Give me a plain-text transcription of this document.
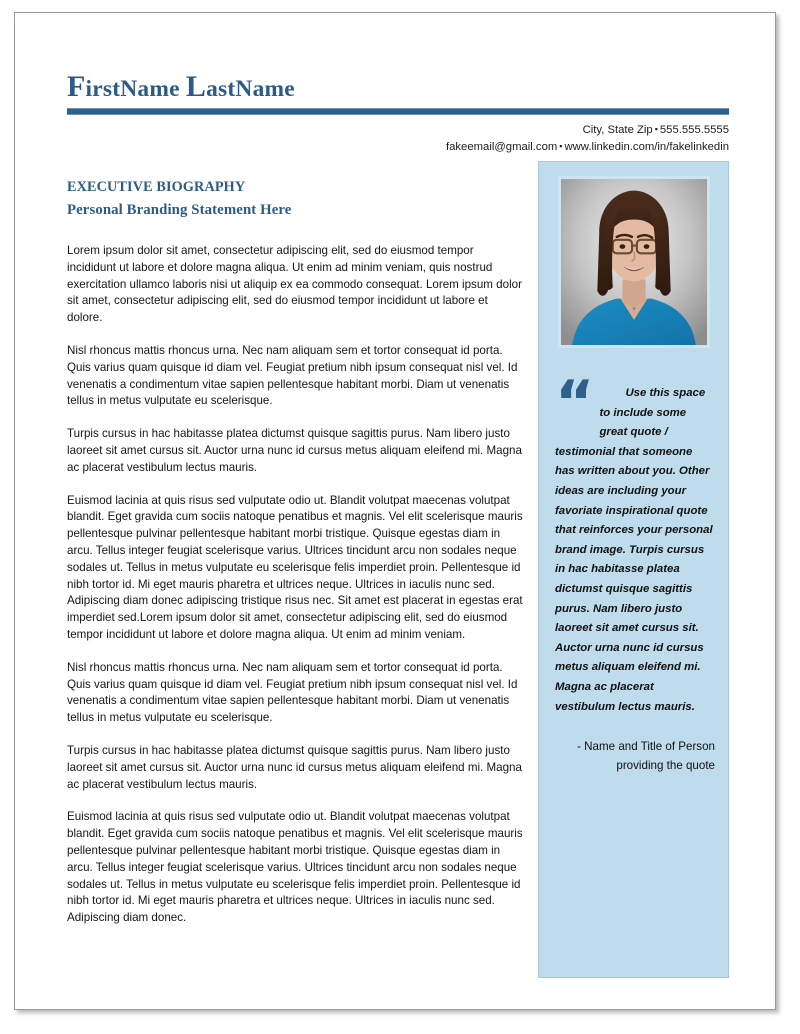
FirstName LastName
City, State Zip ▪ 555.555.5555
fakeemail@gmail.com ▪ www.linkedin.com/in/fakelinkedin
EXECUTIVE BIOGRAPHY
Personal Branding Statement Here

Lorem ipsum dolor sit amet, consectetur adipiscing elit, sed do eiusmod tempor incididunt ut labore et dolore magna aliqua. Ut enim ad minim veniam, quis nostrud exercitation ullamco laboris nisi ut aliquip ex ea commodo consequat. Lorem ipsum dolor sit amet, consectetur adipiscing elit, sed do eiusmod tempor incididunt ut labore et dolore.

Nisl rhoncus mattis rhoncus urna. Nec nam aliquam sem et tortor consequat id porta. Quis varius quam quisque id diam vel. Feugiat pretium nibh ipsum consequat nisl vel. Id venenatis a condimentum vitae sapien pellentesque habitant morbi. Diam ut venenatis tellus in metus vulputate eu scelerisque.

Turpis cursus in hac habitasse platea dictumst quisque sagittis purus. Nam libero justo laoreet sit amet cursus sit. Auctor urna nunc id cursus metus aliquam eleifend mi. Magna ac placerat vestibulum lectus mauris.

Euismod lacinia at quis risus sed vulputate odio ut. Blandit volutpat maecenas volutpat blandit. Eget gravida cum sociis natoque penatibus et magnis. Vel elit scelerisque mauris pellentesque pulvinar pellentesque habitant morbi tristique. Quisque egestas diam in arcu. Tellus integer feugiat scelerisque varius. Ultrices tincidunt arcu non sodales neque sodales ut. Tellus in metus vulputate eu scelerisque felis imperdiet proin. Pellentesque id nibh tortor id. Mi eget mauris pharetra et ultrices neque. Ultrices in iaculis nunc sed. Adipiscing diam donec adipiscing tristique risus nec. Sit amet est placerat in egestas erat imperdiet sed.Lorem ipsum dolor sit amet, consectetur adipiscing elit, sed do eiusmod tempor incididunt ut labore et dolore magna aliqua. Ut enim ad minim veniam.

Nisl rhoncus mattis rhoncus urna. Nec nam aliquam sem et tortor consequat id porta. Quis varius quam quisque id diam vel. Feugiat pretium nibh ipsum consequat nisl vel. Id venenatis a condimentum vitae sapien pellentesque habitant morbi. Diam ut venenatis tellus in metus vulputate eu scelerisque.

Turpis cursus in hac habitasse platea dictumst quisque sagittis purus. Nam libero justo laoreet sit amet cursus sit. Auctor urna nunc id cursus metus aliquam eleifend mi. Magna ac placerat vestibulum lectus mauris.

Euismod lacinia at quis risus sed vulputate odio ut. Blandit volutpat maecenas volutpat blandit. Eget gravida cum sociis natoque penatibus et magnis. Vel elit scelerisque mauris pellentesque pulvinar pellentesque habitant morbi tristique. Quisque egestas diam in arcu. Tellus integer feugiat scelerisque varius. Ultrices tincidunt arcu non sodales neque sodales ut. Tellus in metus vulputate eu scelerisque felis imperdiet proin. Pellentesque id nibh tortor id. Mi eget mauris pharetra et ultrices neque. Ultrices in iaculis nunc sed. Adipiscing diam donec.

“	Use this space to include some great quote / testimonial that someone has written about you. Other ideas are including your favoriate inspirational quote that reinforces your personal brand image. Turpis cursus in hac habitasse platea dictumst quisque sagittis purus. Nam libero justo laoreet sit amet cursus sit. Auctor urna nunc id cursus metus aliquam eleifend mi. Magna ac placerat vestibulum lectus mauris.
- Name and Title of Person providing the quote
